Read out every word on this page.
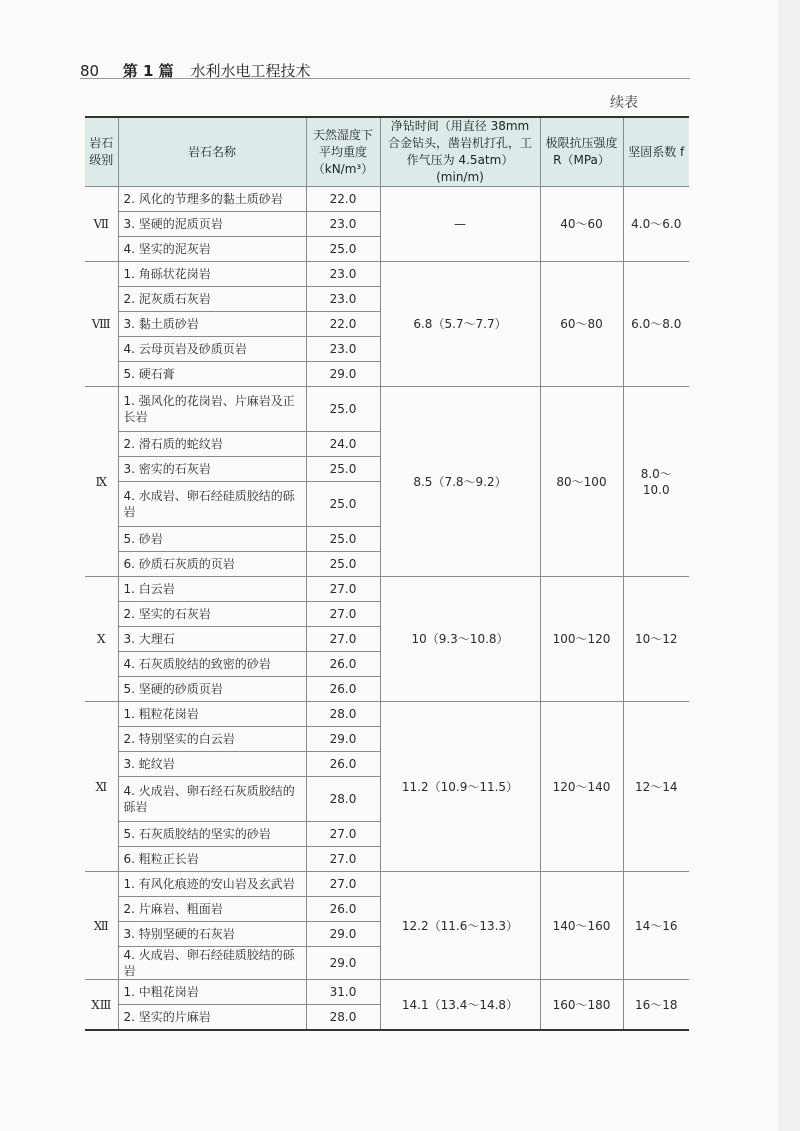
80 第 1 篇 水利水电工程技术
续表
岩石级别	岩石名称	天然湿度下平均重度（kN/m³）	净钻时间（用直径 38mm 合金钻头，凿岩机打孔，工作气压为 4.5atm）(min/m)	极限抗压强度 R（MPa）	坚固系数 f
Ⅶ	2. 风化的节理多的黏土质砂岩	22.0	—	40～60	4.0～6.0
	3. 坚硬的泥质页岩	23.0			
	4. 坚实的泥灰岩	25.0			
Ⅷ	1. 角砾状花岗岩	23.0	6.8（5.7～7.7）	60～80	6.0～8.0
	2. 泥灰质石灰岩	23.0			
	3. 黏土质砂岩	22.0			
	4. 云母页岩及砂质页岩	23.0			
	5. 硬石膏	29.0			
Ⅸ	1. 强风化的花岗岩、片麻岩及正长岩	25.0	8.5（7.8～9.2）	80～100	8.0～10.0
	2. 滑石质的蛇纹岩	24.0			
	3. 密实的石灰岩	25.0			
	4. 水成岩、卵石经硅质胶结的砾岩	25.0			
	5. 砂岩	25.0			
	6. 砂质石灰质的页岩	25.0			
Ⅹ	1. 白云岩	27.0	10（9.3～10.8）	100～120	10～12
	2. 坚实的石灰岩	27.0			
	3. 大理石	27.0			
	4. 石灰质胶结的致密的砂岩	26.0			
	5. 坚硬的砂质页岩	26.0			
Ⅺ	1. 粗粒花岗岩	28.0	11.2（10.9～11.5）	120～140	12～14
	2. 特别坚实的白云岩	29.0			
	3. 蛇纹岩	26.0			
	4. 火成岩、卵石经石灰质胶结的砾岩	28.0			
	5. 石灰质胶结的坚实的砂岩	27.0			
	6. 粗粒正长岩	27.0			
Ⅻ	1. 有风化痕迹的安山岩及玄武岩	27.0	12.2（11.6～13.3）	140～160	14～16
	2. 片麻岩、粗面岩	26.0			
	3. 特别坚硬的石灰岩	29.0			
	4. 火成岩、卵石经硅质胶结的砾岩	29.0			
ⅩⅢ	1. 中粗花岗岩	31.0	14.1（13.4～14.8）	160～180	16～18
	2. 坚实的片麻岩	28.0			
